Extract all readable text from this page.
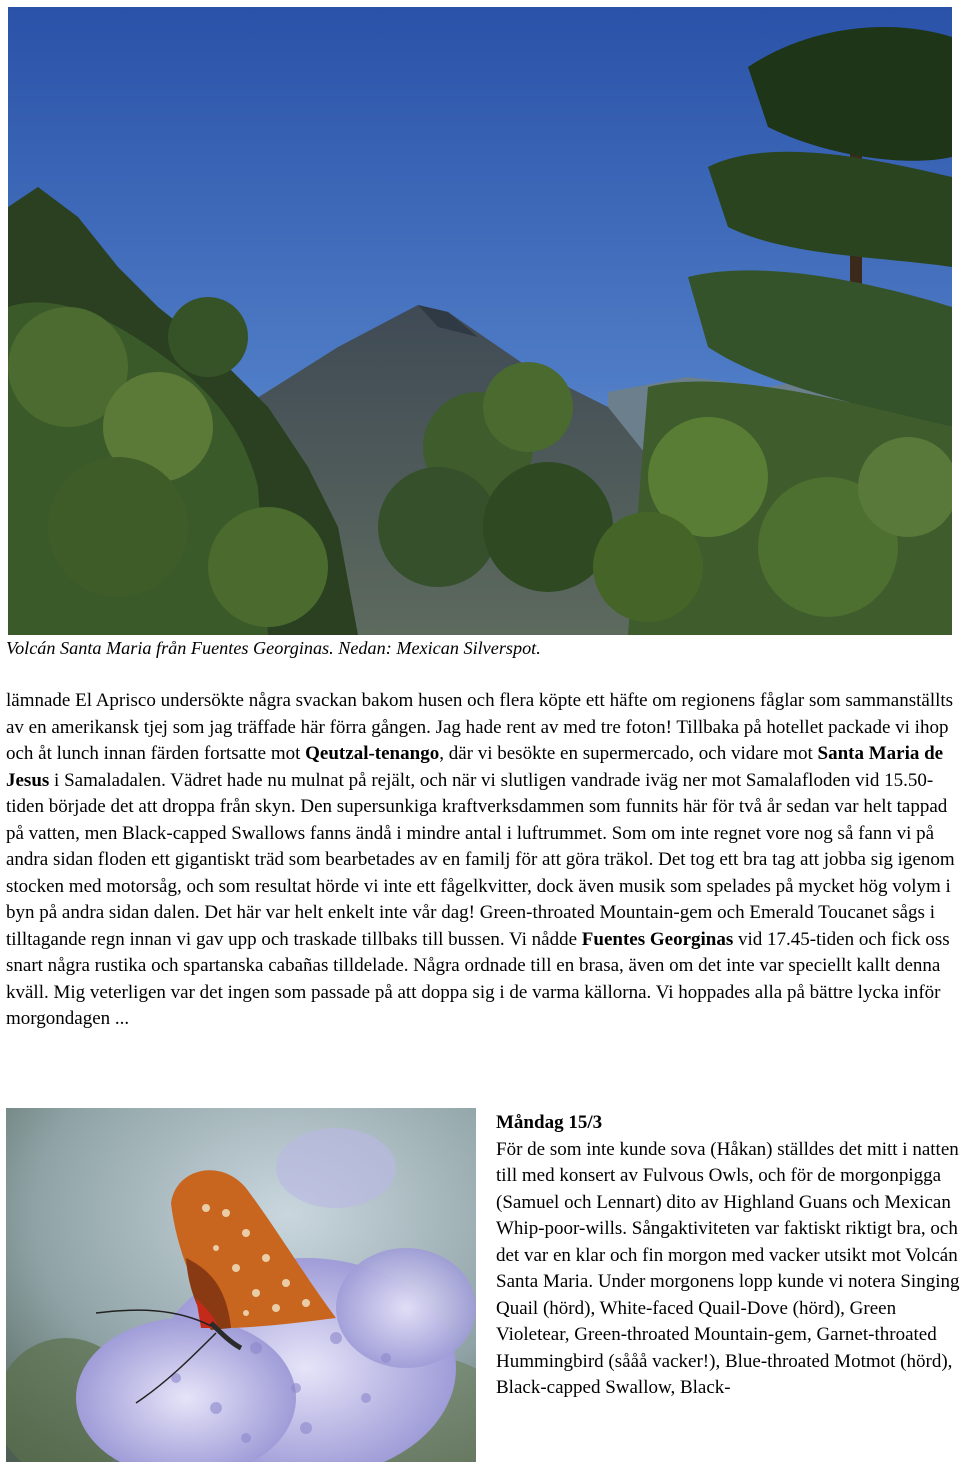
Volcán Santa Maria från Fuentes Georginas. Nedan: Mexican Silverspot.

lämnade El Aprisco undersökte några svackan bakom husen och flera köpte ett häfte om regionens fåglar som sammanställts av en amerikansk tjej som jag träffade här förra gången. Jag hade rent av med tre foton! Tillbaka på hotellet packade vi ihop och åt lunch innan färden fortsatte mot Qeutzal-tenango, där vi besökte en supermercado, och vidare mot Santa Maria de Jesus i Samaladalen. Vädret hade nu mulnat på rejält, och när vi slutligen vandrade iväg ner mot Samalafloden vid 15.50-tiden började det att droppa från skyn. Den supersunkiga kraftverksdammen som funnits här för två år sedan var helt tappad på vatten, men Black-capped Swallows fanns ändå i mindre antal i luftrummet. Som om inte regnet vore nog så fann vi på andra sidan floden ett gigantiskt träd som bearbetades av en familj för att göra träkol. Det tog ett bra tag att jobba sig igenom stocken med motorsåg, och som resultat hörde vi inte ett fågelkvitter, dock även musik som spelades på mycket hög volym i byn på andra sidan dalen. Det här var helt enkelt inte vår dag! Green-throated Mountain-gem och Emerald Toucanet sågs i tilltagande regn innan vi gav upp och traskade tillbaks till bussen. Vi nådde Fuentes Georginas vid 17.45-tiden och fick oss snart några rustika och spartanska cabañas tilldelade. Några ordnade till en brasa, även om det inte var speciellt kallt denna kväll. Mig veterligen var det ingen som passade på att doppa sig i de varma källorna. Vi hoppades alla på bättre lycka inför morgondagen ...

Måndag 15/3

För de som inte kunde sova (Håkan) ställdes det mitt i natten till med konsert av Fulvous Owls, och för de morgonpigga (Samuel och Lennart) dito av Highland Guans och Mexican Whip-poor-wills. Sångaktiviteten var faktiskt riktigt bra, och det var en klar och fin morgon med vacker utsikt mot Volcán Santa Maria. Under morgonens lopp kunde vi notera Singing Quail (hörd), White-faced Quail-Dove (hörd), Green Violetear, Green-throated Mountain-gem, Garnet-throated Hummingbird (sååå vacker!), Blue-throated Motmot (hörd), Black-capped Swallow, Black-
